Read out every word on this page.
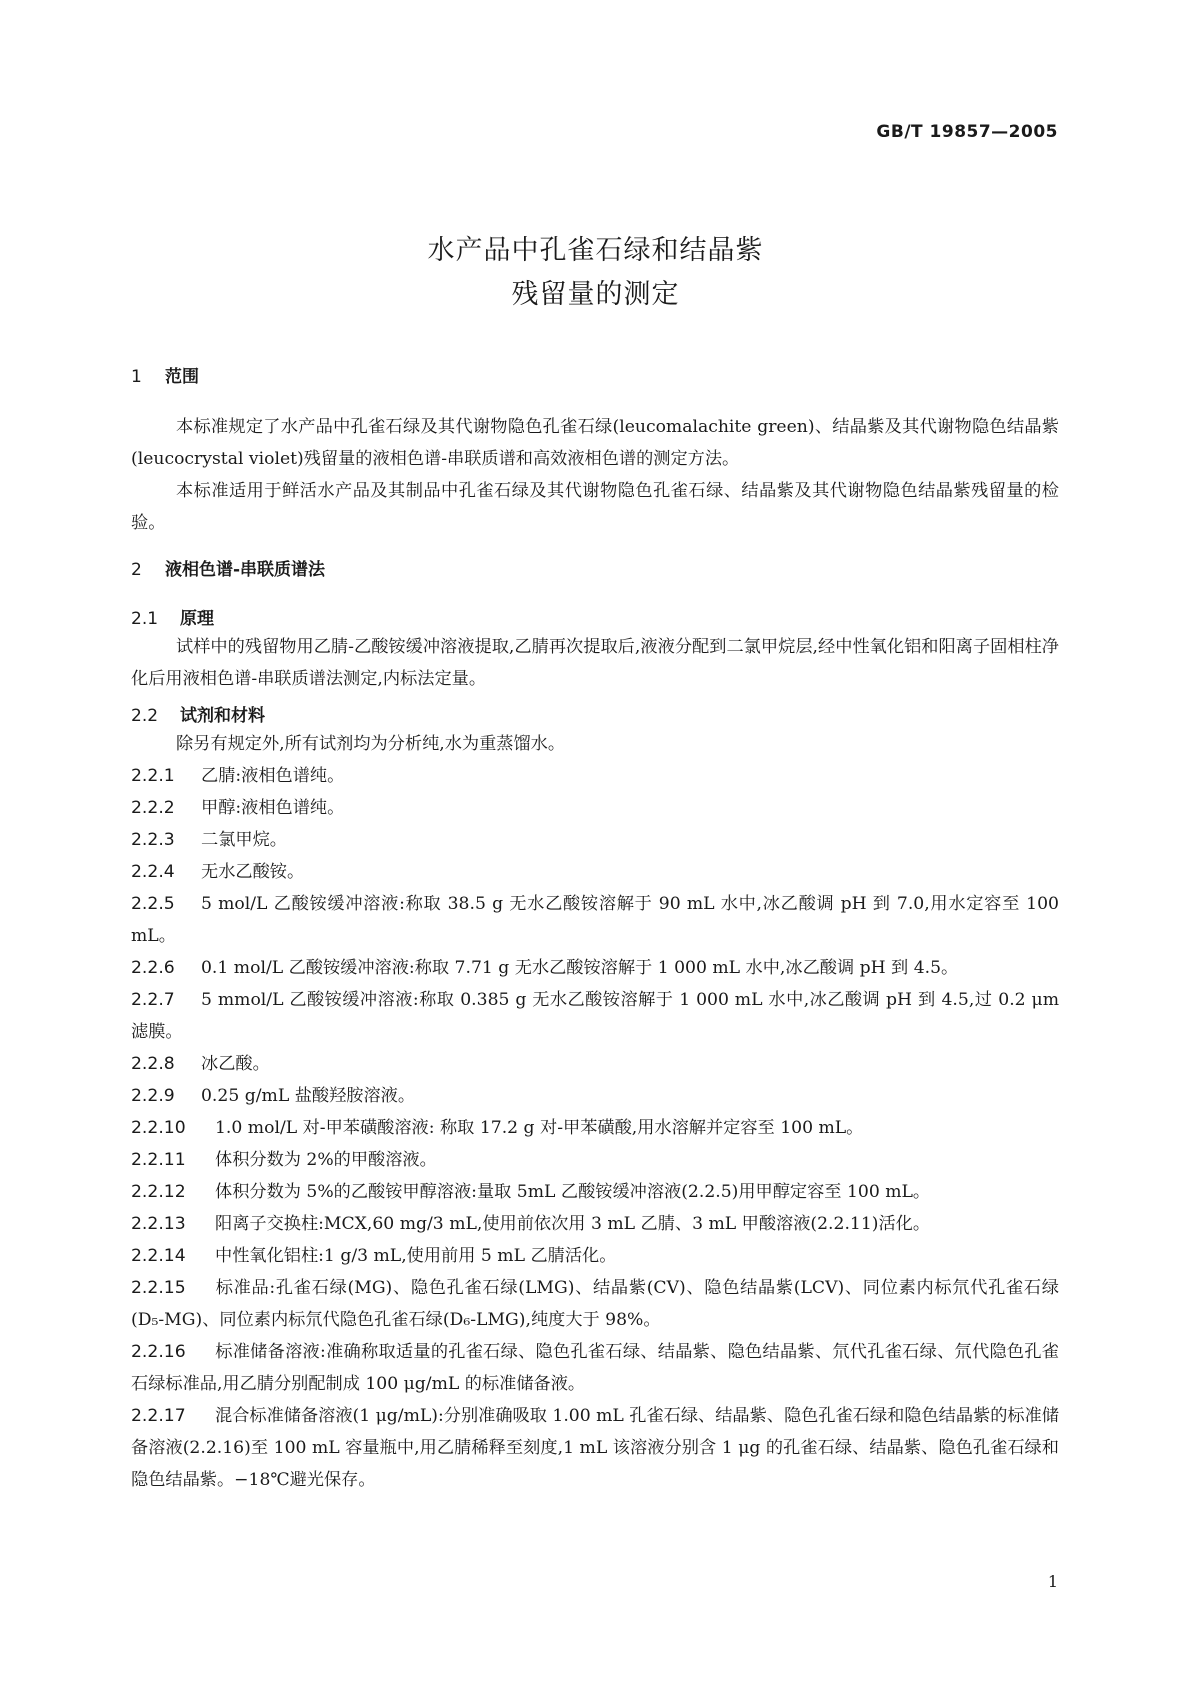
GB/T 19857—2005
水产品中孔雀石绿和结晶紫
残留量的测定
1 范围
本标准规定了水产品中孔雀石绿及其代谢物隐色孔雀石绿(leucomalachite green)、结晶紫及其代谢物隐色结晶紫(leucocrystal violet)残留量的液相色谱-串联质谱和高效液相色谱的测定方法。
本标准适用于鲜活水产品及其制品中孔雀石绿及其代谢物隐色孔雀石绿、结晶紫及其代谢物隐色结晶紫残留量的检验。
2 液相色谱-串联质谱法
2.1 原理
试样中的残留物用乙腈-乙酸铵缓冲溶液提取,乙腈再次提取后,液液分配到二氯甲烷层,经中性氧化铝和阳离子固相柱净化后用液相色谱-串联质谱法测定,内标法定量。
2.2 试剂和材料
除另有规定外,所有试剂均为分析纯,水为重蒸馏水。
2.2.1 乙腈:液相色谱纯。
2.2.2 甲醇:液相色谱纯。
2.2.3 二氯甲烷。
2.2.4 无水乙酸铵。
2.2.5 5 mol/L 乙酸铵缓冲溶液:称取 38.5 g 无水乙酸铵溶解于 90 mL 水中,冰乙酸调 pH 到 7.0,用水定容至 100 mL。
2.2.6 0.1 mol/L 乙酸铵缓冲溶液:称取 7.71 g 无水乙酸铵溶解于 1 000 mL 水中,冰乙酸调 pH 到 4.5。
2.2.7 5 mmol/L 乙酸铵缓冲溶液:称取 0.385 g 无水乙酸铵溶解于 1 000 mL 水中,冰乙酸调 pH 到 4.5,过 0.2 μm 滤膜。
2.2.8 冰乙酸。
2.2.9 0.25 g/mL 盐酸羟胺溶液。
2.2.10 1.0 mol/L 对-甲苯磺酸溶液: 称取 17.2 g 对-甲苯磺酸,用水溶解并定容至 100 mL。
2.2.11 体积分数为 2%的甲酸溶液。
2.2.12 体积分数为 5%的乙酸铵甲醇溶液:量取 5mL 乙酸铵缓冲溶液(2.2.5)用甲醇定容至 100 mL。
2.2.13 阳离子交换柱:MCX,60 mg/3 mL,使用前依次用 3 mL 乙腈、3 mL 甲酸溶液(2.2.11)活化。
2.2.14 中性氧化铝柱:1 g/3 mL,使用前用 5 mL 乙腈活化。
2.2.15 标准品:孔雀石绿(MG)、隐色孔雀石绿(LMG)、结晶紫(CV)、隐色结晶紫(LCV)、同位素内标氘代孔雀石绿(D₅-MG)、同位素内标氘代隐色孔雀石绿(D₆-LMG),纯度大于 98%。
2.2.16 标准储备溶液:准确称取适量的孔雀石绿、隐色孔雀石绿、结晶紫、隐色结晶紫、氘代孔雀石绿、氘代隐色孔雀石绿标准品,用乙腈分别配制成 100 μg/mL 的标准储备液。
2.2.17 混合标准储备溶液(1 μg/mL):分别准确吸取 1.00 mL 孔雀石绿、结晶紫、隐色孔雀石绿和隐色结晶紫的标准储备溶液(2.2.16)至 100 mL 容量瓶中,用乙腈稀释至刻度,1 mL 该溶液分别含 1 μg 的孔雀石绿、结晶紫、隐色孔雀石绿和隐色结晶紫。−18℃避光保存。
1
